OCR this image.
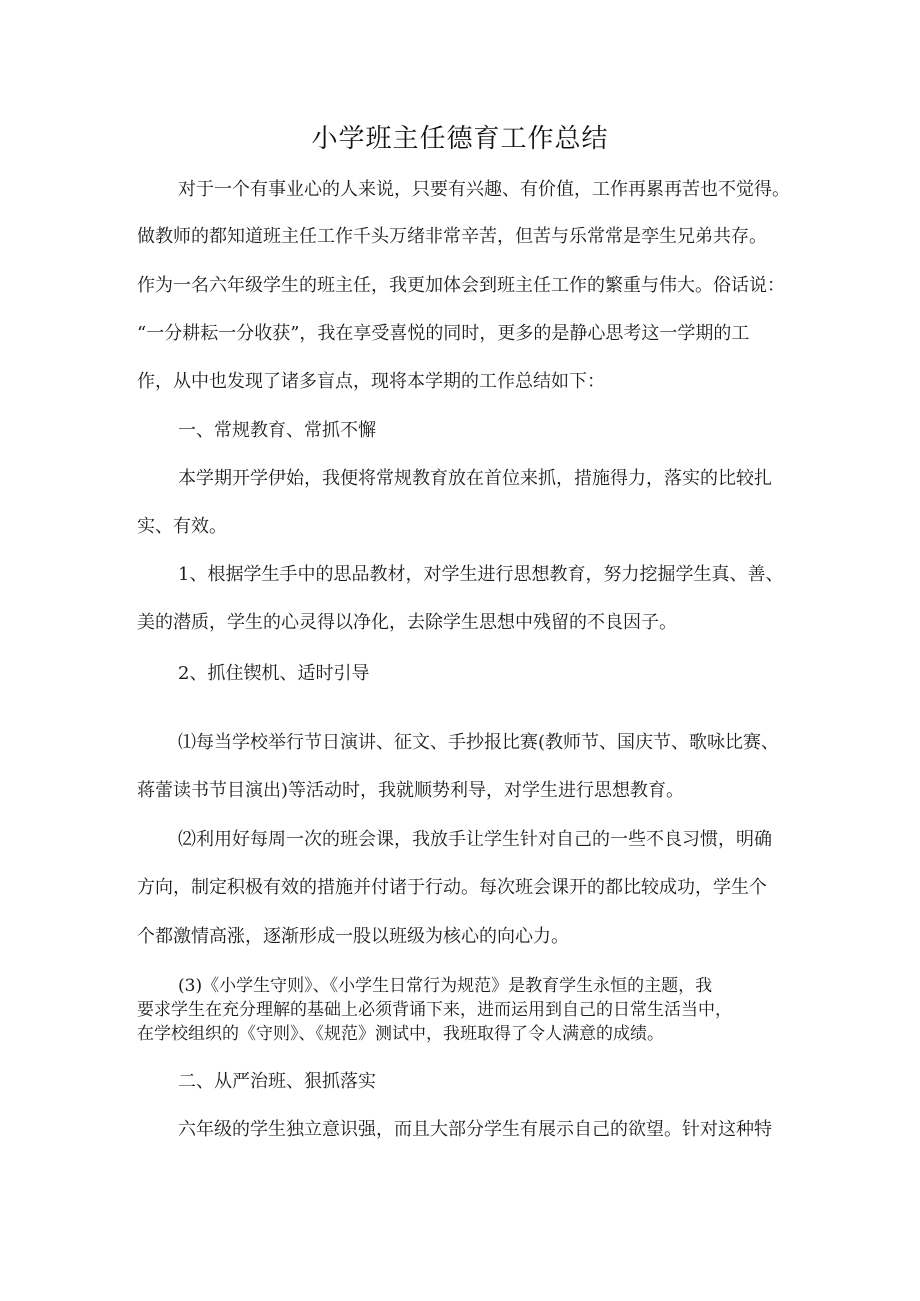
小学班主任德育工作总结
对于一个有事业心的人来说，只要有兴趣、有价值，工作再累再苦也不觉得。
做教师的都知道班主任工作千头万绪非常辛苦，但苦与乐常常是孪生兄弟共存。
作为一名六年级学生的班主任，我更加体会到班主任工作的繁重与伟大。俗话说：
“一分耕耘一分收获”，我在享受喜悦的同时，更多的是静心思考这一学期的工
作，从中也发现了诸多盲点，现将本学期的工作总结如下：
一、常规教育、常抓不懈
本学期开学伊始，我便将常规教育放在首位来抓，措施得力，落实的比较扎
实、有效。
1、根据学生手中的思品教材，对学生进行思想教育，努力挖掘学生真、善、
美的潜质，学生的心灵得以净化，去除学生思想中残留的不良因子。
2、抓住锲机、适时引导
⑴每当学校举行节日演讲、征文、手抄报比赛(教师节、国庆节、歌咏比赛、
蒋蕾读书节目演出)等活动时，我就顺势利导，对学生进行思想教育。
⑵利用好每周一次的班会课，我放手让学生针对自己的一些不良习惯，明确
方向，制定积极有效的措施并付诸于行动。每次班会课开的都比较成功，学生个
个都激情高涨，逐渐形成一股以班级为核心的向心力。
(3)《小学生守则》、《小学生日常行为规范》是教育学生永恒的主题，我
要求学生在充分理解的基础上必须背诵下来，进而运用到自己的日常生活当中，
在学校组织的《守则》、《规范》测试中，我班取得了令人满意的成绩。
二、从严治班、狠抓落实
六年级的学生独立意识强，而且大部分学生有展示自己的欲望。针对这种特
